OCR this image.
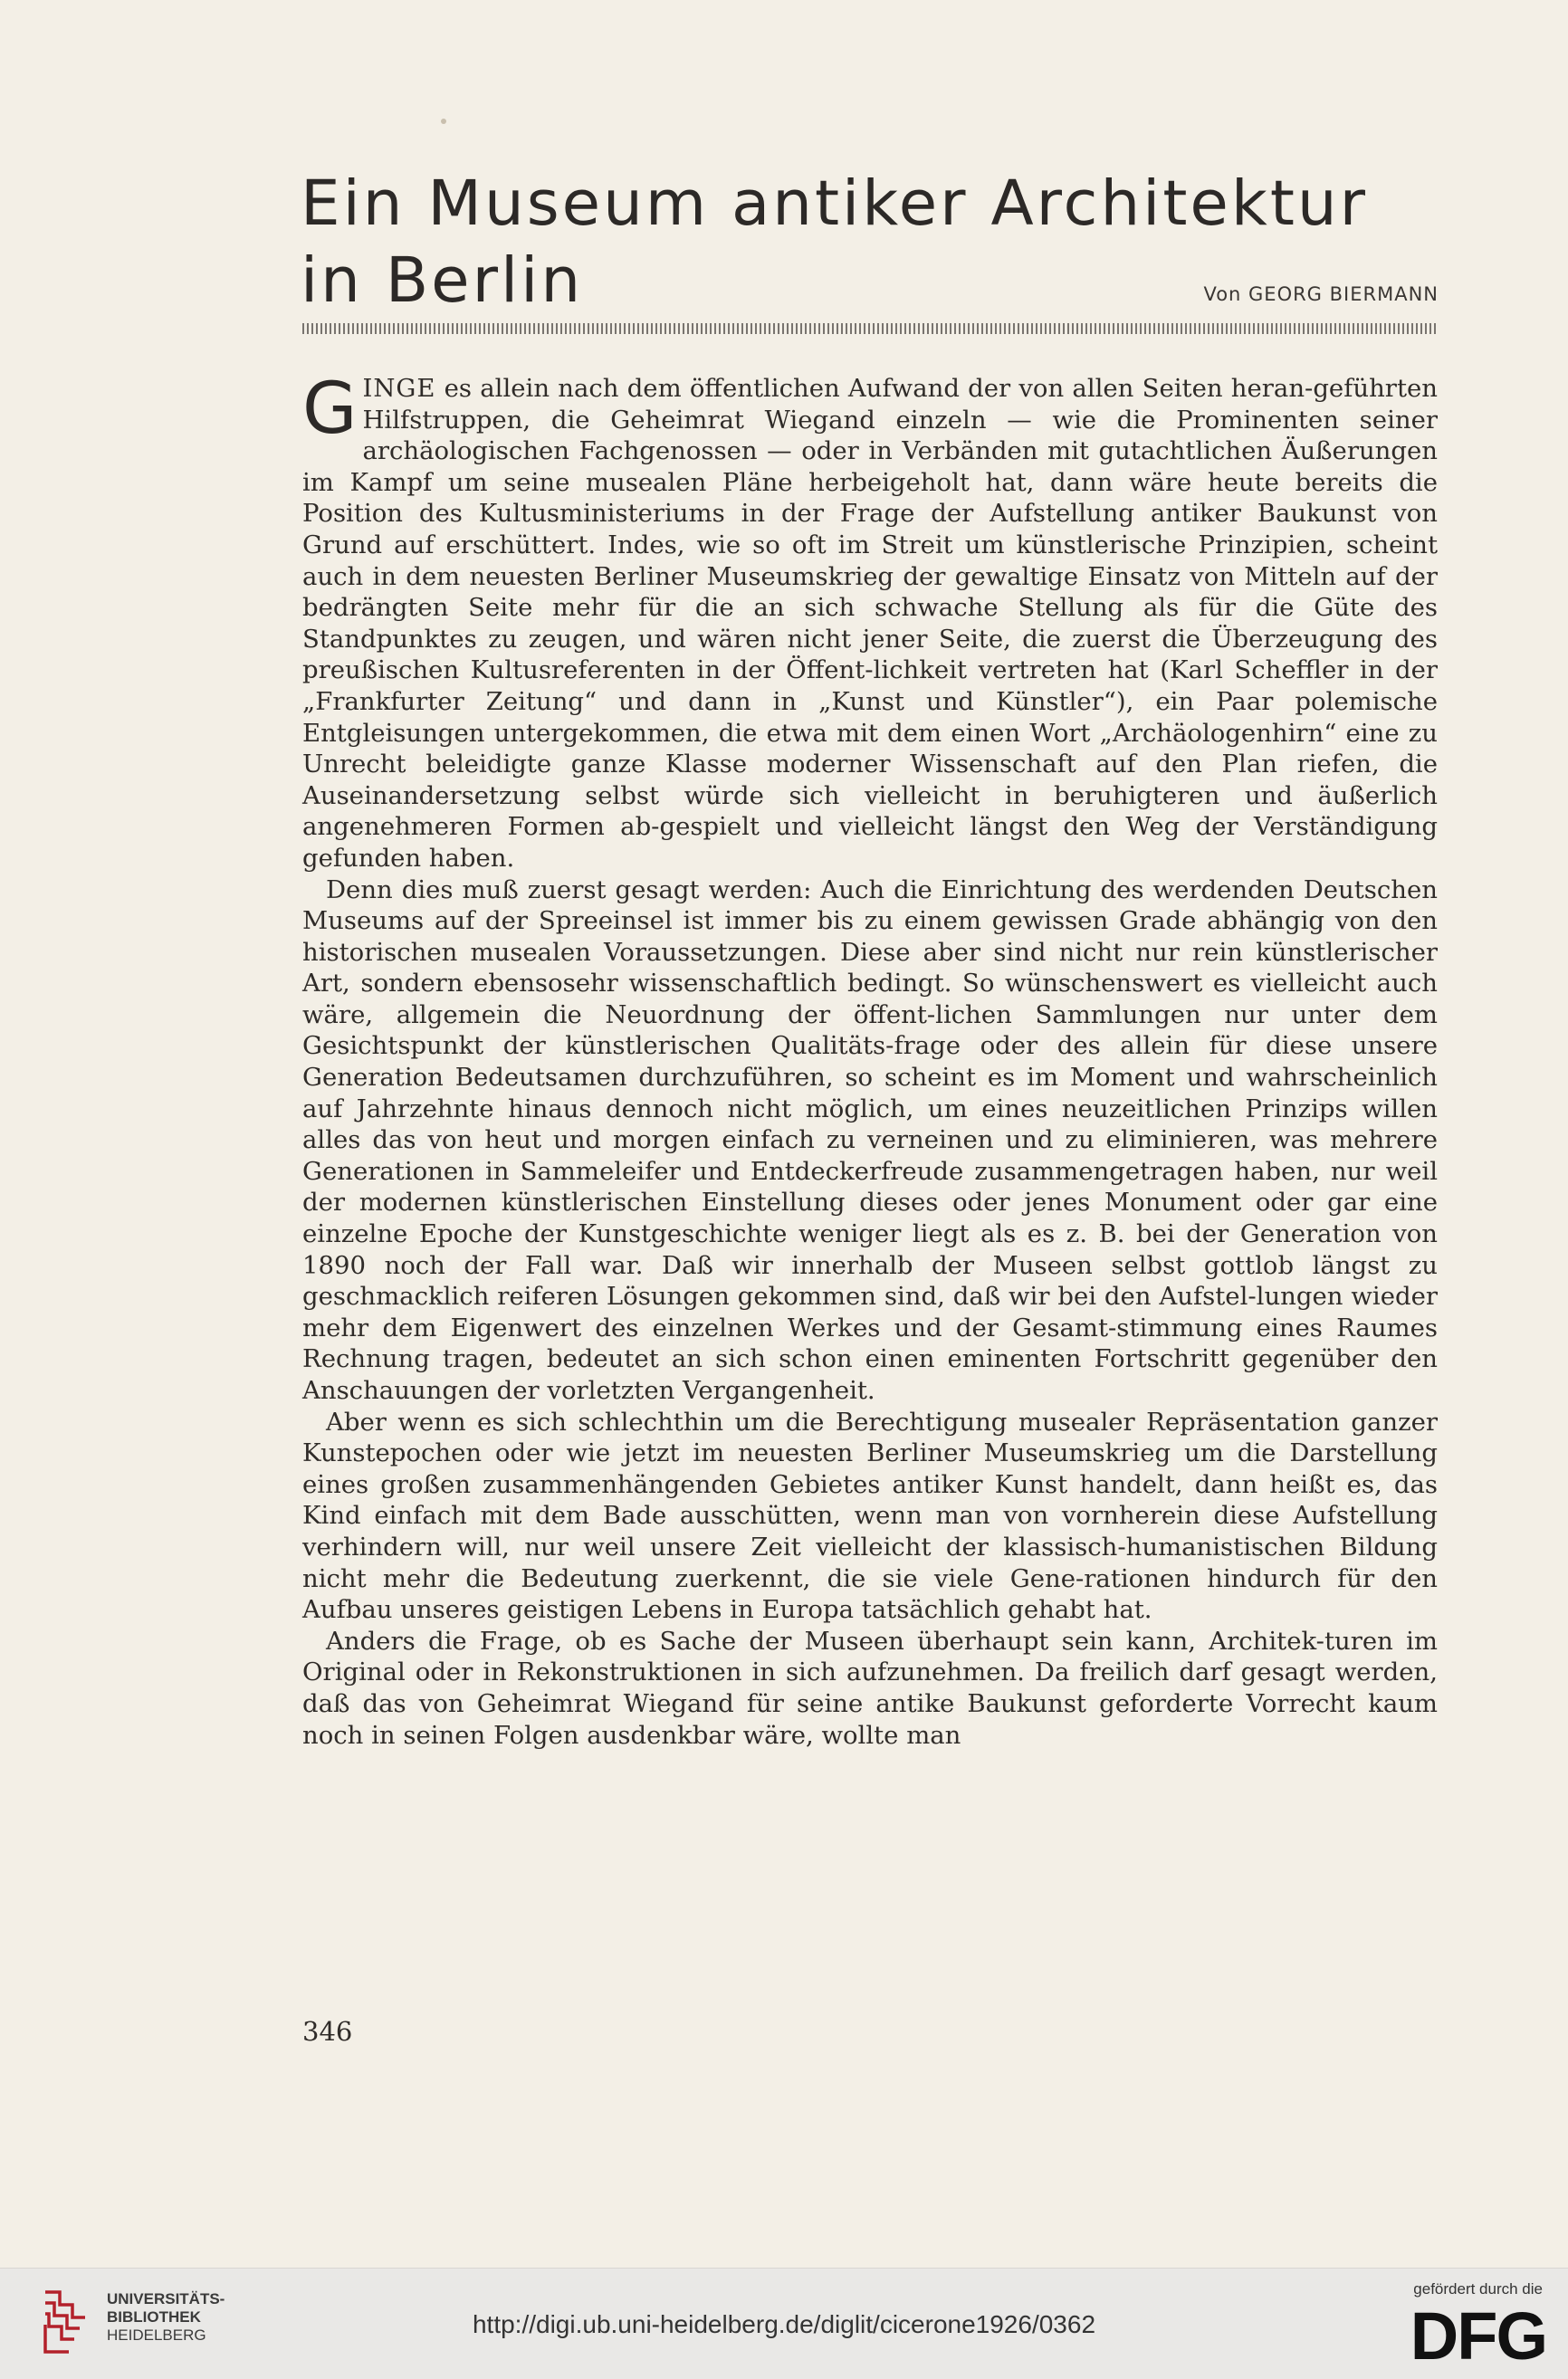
Ein Museum antiker Architektur
in Berlin	Von GEORG BIERMANN

GINGE es allein nach dem öffentlichen Aufwand der von allen Seiten heran-geführten Hilfstruppen, die Geheimrat Wiegand einzeln — wie die Prominenten seiner archäologischen Fachgenossen — oder in Verbänden mit gutachtlichen Äußerungen im Kampf um seine musealen Pläne herbeigeholt hat, dann wäre heute bereits die Position des Kultusministeriums in der Frage der Aufstellung antiker Baukunst von Grund auf erschüttert. Indes, wie so oft im Streit um künstlerische Prinzipien, scheint auch in dem neuesten Berliner Museumskrieg der gewaltige Einsatz von Mitteln auf der bedrängten Seite mehr für die an sich schwache Stellung als für die Güte des Standpunktes zu zeugen, und wären nicht jener Seite, die zuerst die Überzeugung des preußischen Kultusreferenten in der Öffent-lichkeit vertreten hat (Karl Scheffler in der „Frankfurter Zeitung“ und dann in „Kunst und Künstler“), ein Paar polemische Entgleisungen untergekommen, die etwa mit dem einen Wort „Archäologenhirn“ eine zu Unrecht beleidigte ganze Klasse moderner Wissenschaft auf den Plan riefen, die Auseinandersetzung selbst würde sich vielleicht in beruhigteren und äußerlich angenehmeren Formen ab-gespielt und vielleicht längst den Weg der Verständigung gefunden haben.

Denn dies muß zuerst gesagt werden: Auch die Einrichtung des werdenden Deutschen Museums auf der Spreeinsel ist immer bis zu einem gewissen Grade abhängig von den historischen musealen Voraussetzungen. Diese aber sind nicht nur rein künstlerischer Art, sondern ebensosehr wissenschaftlich bedingt. So wünschenswert es vielleicht auch wäre, allgemein die Neuordnung der öffent-lichen Sammlungen nur unter dem Gesichtspunkt der künstlerischen Qualitäts-frage oder des allein für diese unsere Generation Bedeutsamen durchzuführen, so scheint es im Moment und wahrscheinlich auf Jahrzehnte hinaus dennoch nicht möglich, um eines neuzeitlichen Prinzips willen alles das von heut und morgen einfach zu verneinen und zu eliminieren, was mehrere Generationen in Sammeleifer und Entdeckerfreude zusammengetragen haben, nur weil der modernen künstlerischen Einstellung dieses oder jenes Monument oder gar eine einzelne Epoche der Kunstgeschichte weniger liegt als es z. B. bei der Generation von 1890 noch der Fall war. Daß wir innerhalb der Museen selbst gottlob längst zu geschmacklich reiferen Lösungen gekommen sind, daß wir bei den Aufstel-lungen wieder mehr dem Eigenwert des einzelnen Werkes und der Gesamt-stimmung eines Raumes Rechnung tragen, bedeutet an sich schon einen eminenten Fortschritt gegenüber den Anschauungen der vorletzten Vergangenheit.

Aber wenn es sich schlechthin um die Berechtigung musealer Repräsentation ganzer Kunstepochen oder wie jetzt im neuesten Berliner Museumskrieg um die Darstellung eines großen zusammenhängenden Gebietes antiker Kunst handelt, dann heißt es, das Kind einfach mit dem Bade ausschütten, wenn man von vornherein diese Aufstellung verhindern will, nur weil unsere Zeit vielleicht der klassisch-humanistischen Bildung nicht mehr die Bedeutung zuerkennt, die sie viele Gene-rationen hindurch für den Aufbau unseres geistigen Lebens in Europa tatsächlich gehabt hat.

Anders die Frage, ob es Sache der Museen überhaupt sein kann, Architek-turen im Original oder in Rekonstruktionen in sich aufzunehmen. Da freilich darf gesagt werden, daß das von Geheimrat Wiegand für seine antike Baukunst geforderte Vorrecht kaum noch in seinen Folgen ausdenkbar wäre, wollte man

346
UNIVERSITÄTS-
BIBLIOTHEK
HEIDELBERG	http://digi.ub.uni-heidelberg.de/diglit/cicerone1926/0362
gefördert durch die
DFG
